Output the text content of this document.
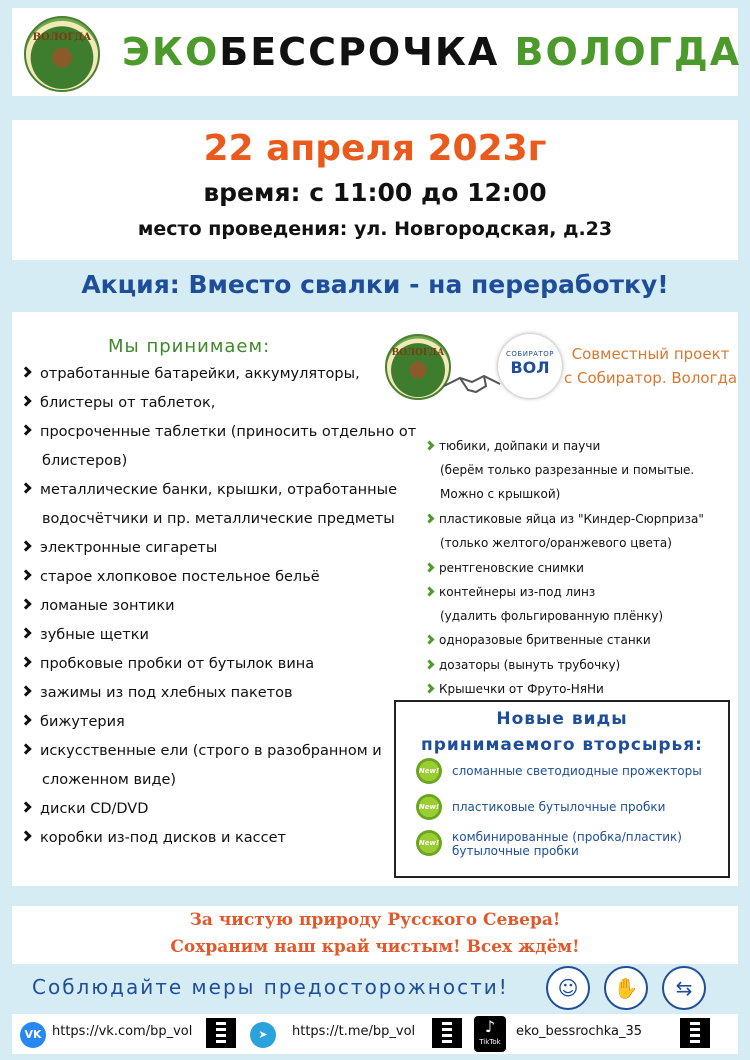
ВОЛОГДА ЭКОБЕССРОЧКА ВОЛОГДА
22 апреля 2023г
время: с 11:00 до 12:00
место проведения: ул. Новгородская, д.23
Акция: Вместо свалки - на переработку!
Мы принимаем:
отработанные батарейки, аккумуляторы,
блистеры от таблеток,
просроченные таблетки (приносить отдельно от
блистеров)
металлические банки, крышки, отработанные
водосчётчики и пр. металлические предметы
электронные сигареты
старое хлопковое постельное бельё
ломаные зонтики
зубные щетки
пробковые пробки от бутылок вина
зажимы из под хлебных пакетов
бижутерия
искусственные ели (строго в разобранном и
сложенном виде)
диски CD/DVD
коробки из-под дисков и кассет
ВОЛОГДА	СОБИРАТОР
ВОЛ
Совместный проект
с Собиратор. Вологда
тюбики, дойпаки и паучи
(берём только разрезанные и помытые.
Можно с крышкой)
пластиковые яйца из "Киндер-Сюрприза"
(только желтого/оранжевого цвета)
рентгеновские снимки
контейнеры из-под линз
(удалить фольгированную плёнку)
одноразовые бритвенные станки
дозаторы (вынуть трубочку)
Крышечки от Фруто-НяНи
Новые виды
принимаемого вторсырья:
New! сломанные светодиодные прожекторы
New! пластиковые бутылочные пробки
New! комбинированные (пробка/пластик)
бутылочные пробки
За чистую природу Русского Севера!
Сохраним наш край чистым! Всех ждём!
Соблюдайте меры предосторожности!	☺	✋	⇆
VK https://vk.com/bp_vol	➤	https://t.me/bp_vol	♪
TikTok
eko_bessrochka_35
